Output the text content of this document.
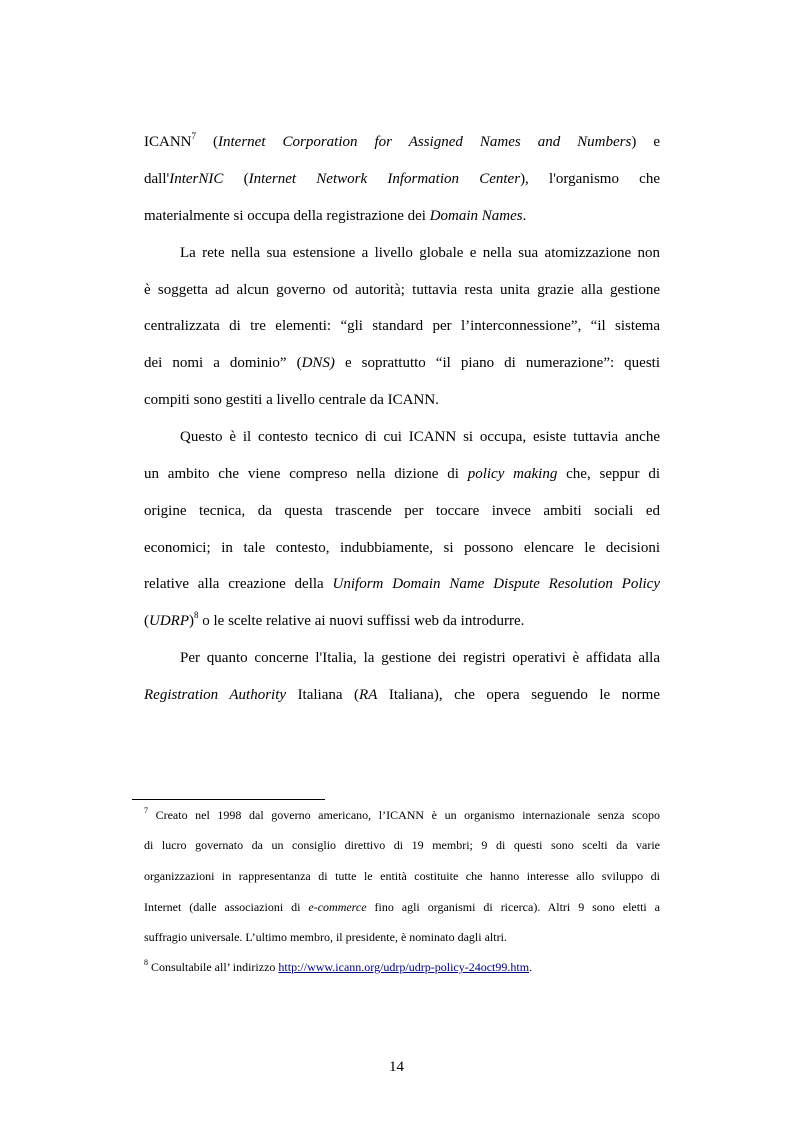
ICANN$^7$ (Internet Corporation for Assigned Names and Numbers) e
dall'InterNIC (Internet Network Information Center), l'organismo che
materialmente si occupa della registrazione dei Domain Names.
La rete nella sua estensione a livello globale e nella sua atomizzazione non
è soggetta ad alcun governo od autorità; tuttavia resta unita grazie alla gestione
centralizzata di tre elementi: “gli standard per l’interconnessione”, “il sistema
dei nomi a dominio” (DNS) e soprattutto “il piano di numerazione”: questi
compiti sono gestiti a livello centrale da ICANN.
Questo è il contesto tecnico di cui ICANN si occupa, esiste tuttavia anche
un ambito che viene compreso nella dizione di policy making che, seppur di
origine tecnica, da questa trascende per toccare invece ambiti sociali ed
economici; in tale contesto, indubbiamente, si possono elencare le decisioni
relative alla creazione della Uniform Domain Name Dispute Resolution Policy
(UDRP)$^8$ o le scelte relative ai nuovi suffissi web da introdurre.
Per quanto concerne l'Italia, la gestione dei registri operativi è affidata alla
Registration Authority Italiana (RA Italiana), che opera seguendo le norme
$^7$ Creato nel 1998 dal governo americano, l’ICANN è un organismo internazionale senza scopo
di lucro governato da un consiglio direttivo di 19 membri; 9 di questi sono scelti da varie
organizzazioni in rappresentanza di tutte le entità costituite che hanno interesse allo sviluppo di
Internet (dalle associazioni di e-commerce fino agli organismi di ricerca). Altri 9 sono eletti a
suffragio universale. L’ultimo membro, il presidente, è nominato dagli altri.
$^8$ Consultabile all’ indirizzo http://www.icann.org/udrp/udrp-policy-24oct99.htm.
14
